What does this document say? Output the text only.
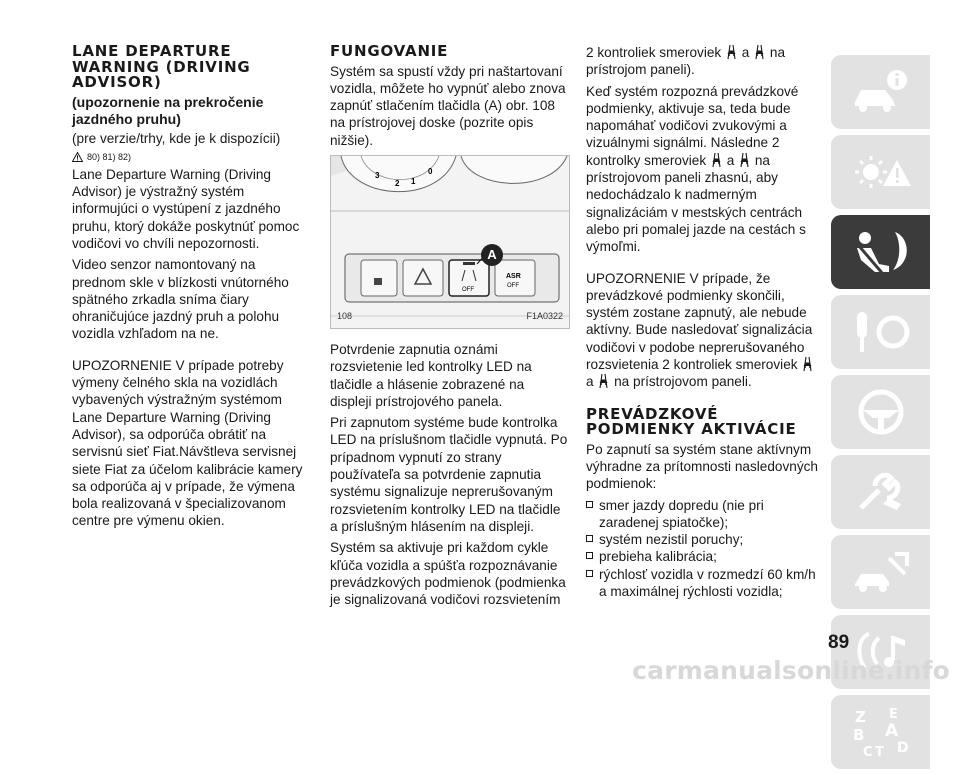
LANE DEPARTURE WARNING (DRIVING ADVISOR)
(upozornenie na prekročenie jazdného pruhu)

(pre verzie/trhy, kde je k dispozícii)

80) 81) 82)

Lane Departure Warning (Driving Advisor) je výstražný systém informujúci o vystúpení z jazdného pruhu, ktorý dokáže poskytnúť pomoc vodičovi vo chvíli nepozornosti.

Video senzor namontovaný na prednom skle v blízkosti vnútorného spätného zrkadla sníma čiary ohraničujúce jazdný pruh a polohu vozidla vzhľadom na ne.

UPOZORNENIE V prípade potreby výmeny čelného skla na vozidlách vybavených výstražným systémom Lane Departure Warning (Driving Advisor), sa odporúča obrátiť na servisnú sieť Fiat.Návštleva servisnej siete Fiat za účelom kalibrácie kamery sa odporúča aj v prípade, že výmena bola realizovaná v špecializovanom centre pre výmenu okien.

FUNGOVANIE

Systém sa spustí vždy pri naštartovaní vozidla, môžete ho vypnúť alebo znova zapnúť stlačením tlačidla (A) obr. 108 na prístrojovej doske (pozrite opis nižšie).

3
2 1
0
OFF
ASR
OFF
A
108	F1A0322

Potvrdenie zapnutia oznámi rozsvietenie led kontrolky LED na tlačidle a hlásenie zobrazené na displeji prístrojového panela.

Pri zapnutom systéme bude kontrolka LED na príslušnom tlačidle vypnutá. Po prípadnom vypnutí zo strany používateľa sa potvrdenie zapnutia systému signalizuje neprerušovaným rozsvietením kontrolky LED na tlačidle a príslušným hlásením na displeji.

Systém sa aktivuje pri každom cykle kľúča vozidla a spúšťa rozpoznávanie prevádzkových podmienok (podmienka je signalizovaná vodičovi rozsvietením

2 kontroliek smeroviek a na prístrojom paneli).

Keď systém rozpozná prevádzkové podmienky, aktivuje sa, teda bude napomáhať vodičovi zvukovými a vizuálnymi signálmi. Následne 2 kontrolky smeroviek a na prístrojovom paneli zhasnú, aby nedochádzalo k nadmerným signalizáciám v mestských centrách alebo pri pomalej jazde na cestách s výmoľmi.

UPOZORNENIE V prípade, že prevádzkové podmienky skončili, systém zostane zapnutý, ale nebude aktívny. Bude nasledovať signalizácia vodičovi v podobe neprerušovaného rozsvietenia 2 kontroliek smeroviek  a na prístrojovom paneli.

PREVÁDZKOVÉ PODMIENKY AKTIVÁCIE

Po zapnutí sa systém stane aktívnym výhradne za prítomnosti nasledovných podmienok:

smer jazdy dopredu (nie pri zaradenej spiatočke);
systém nezistil poruchy;
prebieha kalibrácia;
rýchlosť vozidla v rozmedzí 60 km/h a maximálnej rýchlosti vozidla;
Z E
B A
C T D
89
carmanualsonline.info
